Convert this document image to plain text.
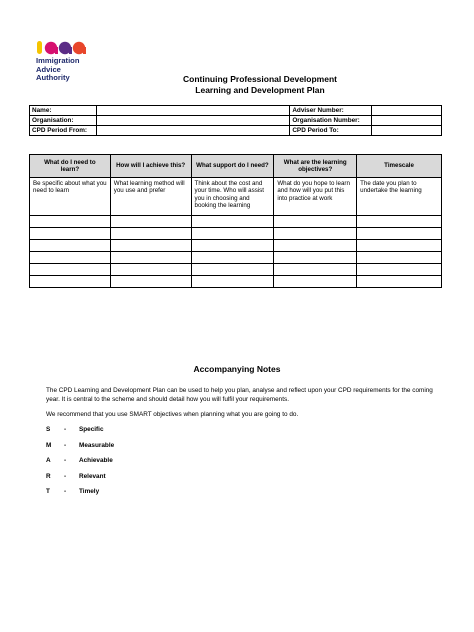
Immigration
Advice
Authority	Continuing Professional Development
Learning and Development Plan
Name:		Adviser Number:	
Organisation:		Organisation Number:	
CPD Period From:		CPD Period To:	
What do I need to learn?	How will I achieve this?	What support do I need?	What are the learning objectives?	Timescale
Be specific about what you need to learn	What learning method will you use and prefer	Think about the cost and your time. Who will assist you in choosing and booking the learning	What do you hope to learn and how will you put this into practice at work	The date you plan to undertake the learning

Accompanying Notes
The CPD Learning and Development Plan can be used to help you plan, analyse and reflect upon your CPD requirements for the coming year. It is central to the scheme and should detail how you will fulfil your requirements.
We recommend that you use SMART objectives when planning what you are going to do.
S - Specific
M - Measurable
A - Achievable
R - Relevant
T - Timely
